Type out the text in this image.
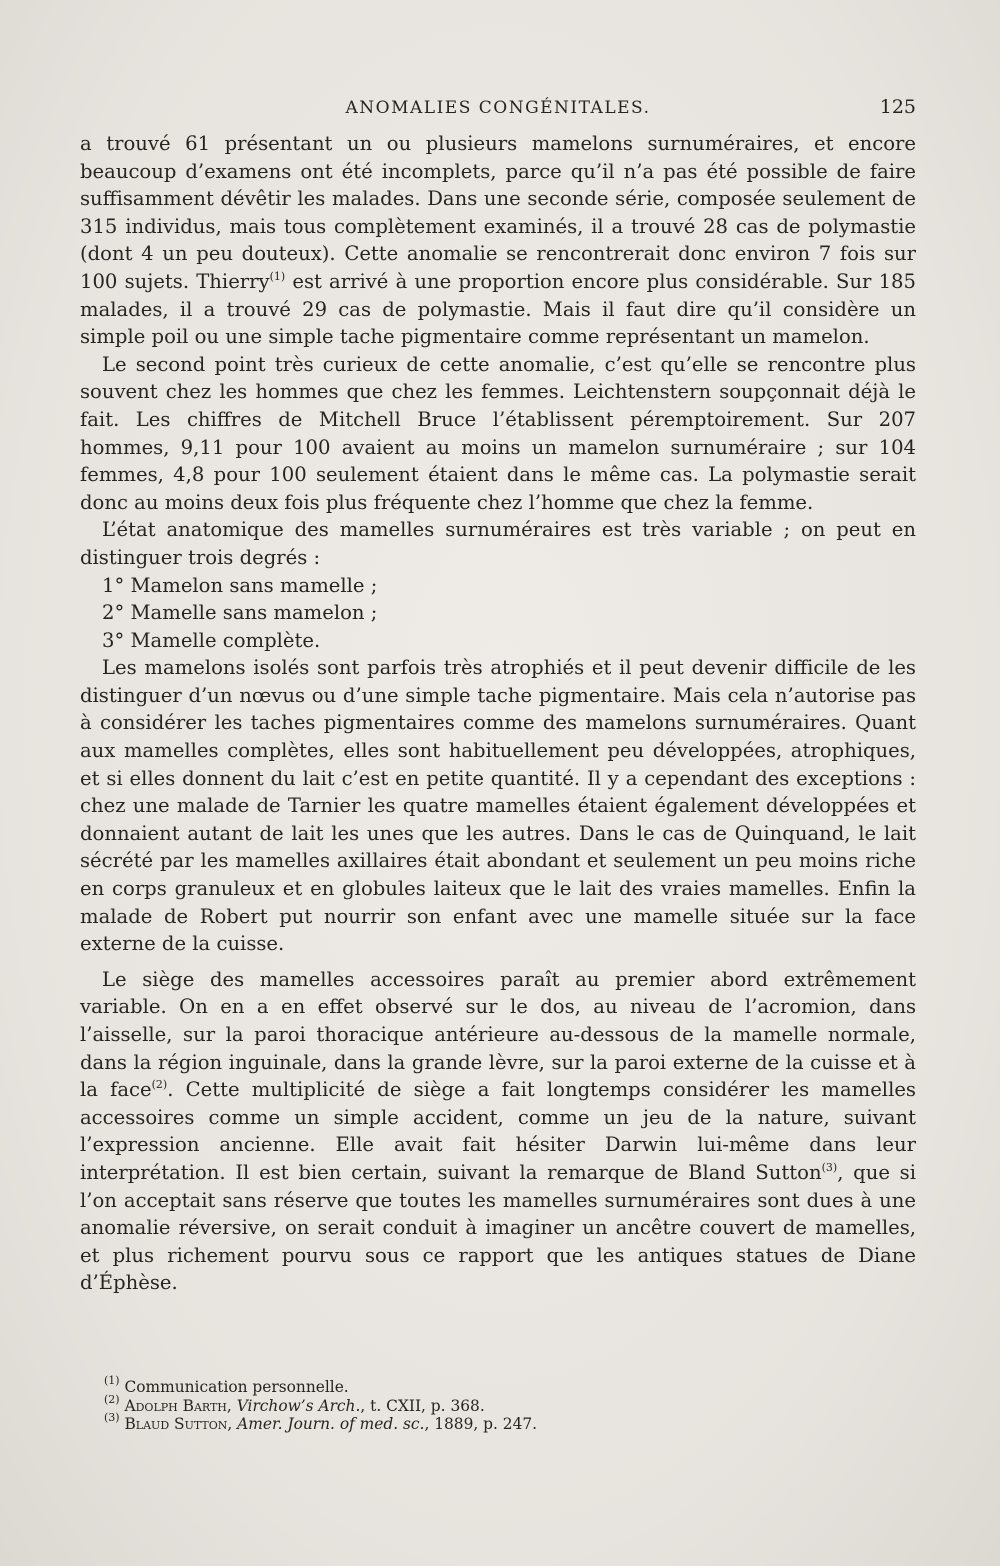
ANOMALIES CONGÉNITALES.	125

a trouvé 61 présentant un ou plusieurs mamelons surnuméraires, et encore beaucoup d’examens ont été incomplets, parce qu’il n’a pas été possible de faire suffisamment dévêtir les malades. Dans une seconde série, composée seulement de 315 individus, mais tous complètement examinés, il a trouvé 28 cas de polymastie (dont 4 un peu douteux). Cette anomalie se rencontrerait donc environ 7 fois sur 100 sujets. Thierry$^{(1)}$ est arrivé à une proportion encore plus considérable. Sur 185 malades, il a trouvé 29 cas de polymastie. Mais il faut dire qu’il considère un simple poil ou une simple tache pigmentaire comme représentant un mamelon.

Le second point très curieux de cette anomalie, c’est qu’elle se rencontre plus souvent chez les hommes que chez les femmes. Leichtenstern soupçonnait déjà le fait. Les chiffres de Mitchell Bruce l’établissent péremptoirement. Sur 207 hommes, 9,11 pour 100 avaient au moins un mamelon surnuméraire ; sur 104 femmes, 4,8 pour 100 seulement étaient dans le même cas. La polymastie serait donc au moins deux fois plus fréquente chez l’homme que chez la femme.

L’état anatomique des mamelles surnuméraires est très variable ; on peut en distinguer trois degrés :

1° Mamelon sans mamelle ;

2° Mamelle sans mamelon ;

3° Mamelle complète.

Les mamelons isolés sont parfois très atrophiés et il peut devenir difficile de les distinguer d’un nœvus ou d’une simple tache pigmentaire. Mais cela n’autorise pas à considérer les taches pigmentaires comme des mamelons surnuméraires. Quant aux mamelles complètes, elles sont habituellement peu développées, atrophiques, et si elles donnent du lait c’est en petite quantité. Il y a cependant des exceptions : chez une malade de Tarnier les quatre mamelles étaient également développées et donnaient autant de lait les unes que les autres. Dans le cas de Quinquand, le lait sécrété par les mamelles axillaires était abondant et seulement un peu moins riche en corps granuleux et en globules laiteux que le lait des vraies mamelles. Enfin la malade de Robert put nourrir son enfant avec une mamelle située sur la face externe de la cuisse.

Le siège des mamelles accessoires paraît au premier abord extrêmement variable. On en a en effet observé sur le dos, au niveau de l’acromion, dans l’aisselle, sur la paroi thoracique antérieure au-dessous de la mamelle normale, dans la région inguinale, dans la grande lèvre, sur la paroi externe de la cuisse et à la face$^{(2)}$. Cette multiplicité de siège a fait longtemps considérer les mamelles accessoires comme un simple accident, comme un jeu de la nature, suivant l’expression ancienne. Elle avait fait hésiter Darwin lui-même dans leur interprétation. Il est bien certain, suivant la remarque de Bland Sutton$^{(3)}$, que si l’on acceptait sans réserve que toutes les mamelles surnuméraires sont dues à une anomalie réversive, on serait conduit à imaginer un ancêtre couvert de mamelles, et plus richement pourvu sous ce rapport que les antiques statues de Diane d’Éphèse.

$^{(1)}$ Communication personnelle.

$^{(2)}$ Adolph Barth, Virchow’s Arch., t. CXII, p. 368.

$^{(3)}$ Blaud Sutton, Amer. Journ. of med. sc., 1889, p. 247.
